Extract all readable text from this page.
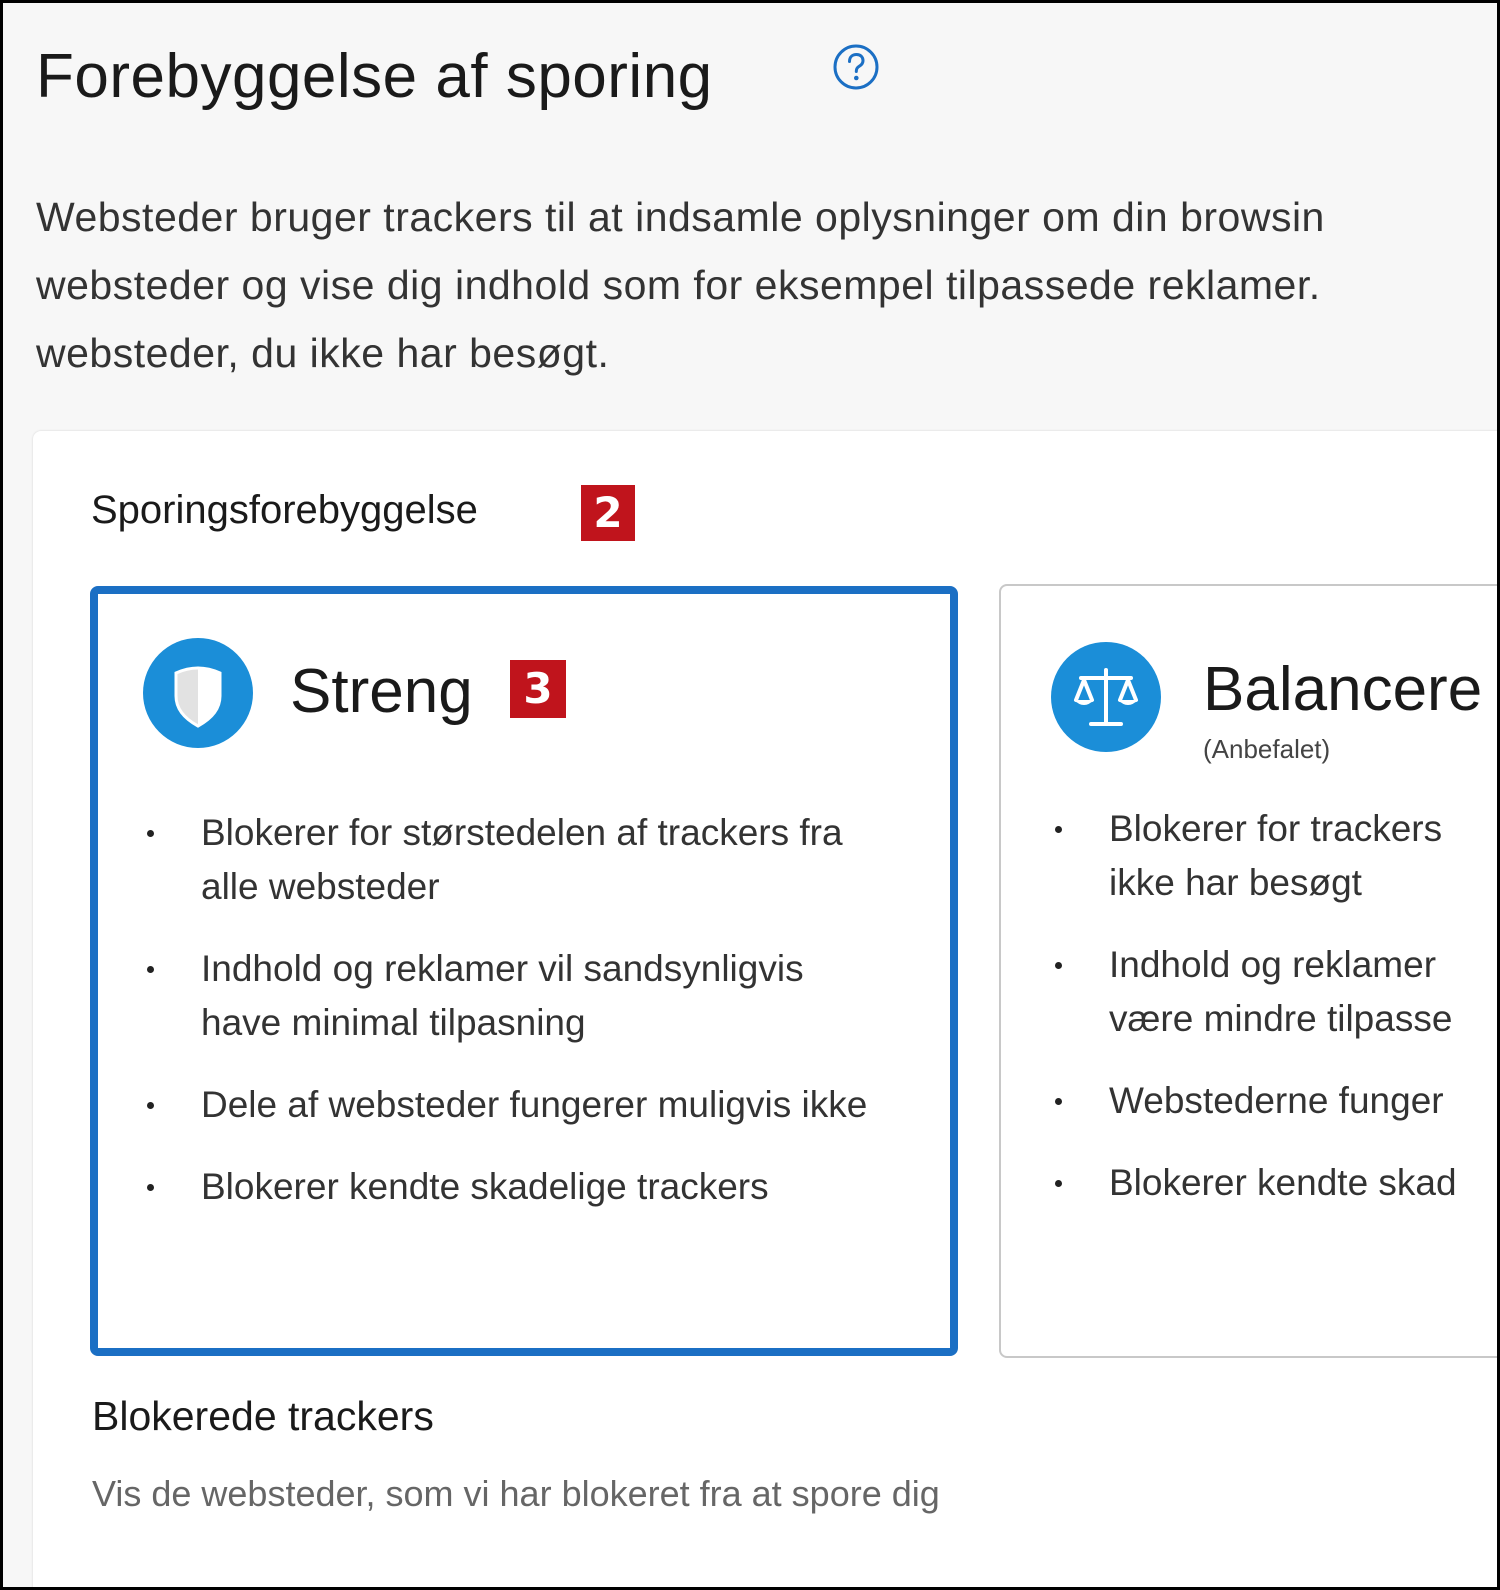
Forebyggelse af sporing
Websteder bruger trackers til at indsamle oplysninger om din browsin
websteder og vise dig indhold som for eksempel tilpassede reklamer.
websteder, du ikke har besøgt.
Sporingsforebyggelse	2
Streng	3
Blokerer for størstedelen af trackers fra alle websteder
Indhold og reklamer vil sandsynligvis have minimal tilpasning
Dele af websteder fungerer muligvis ikke
Blokerer kendte skadelige trackers
Balancere
(Anbefalet)
Blokerer for trackers
ikke har besøgt
Indhold og reklamer
være mindre tilpasse
Webstederne funger
Blokerer kendte skad
Blokerede trackers
Vis de websteder, som vi har blokeret fra at spore dig
